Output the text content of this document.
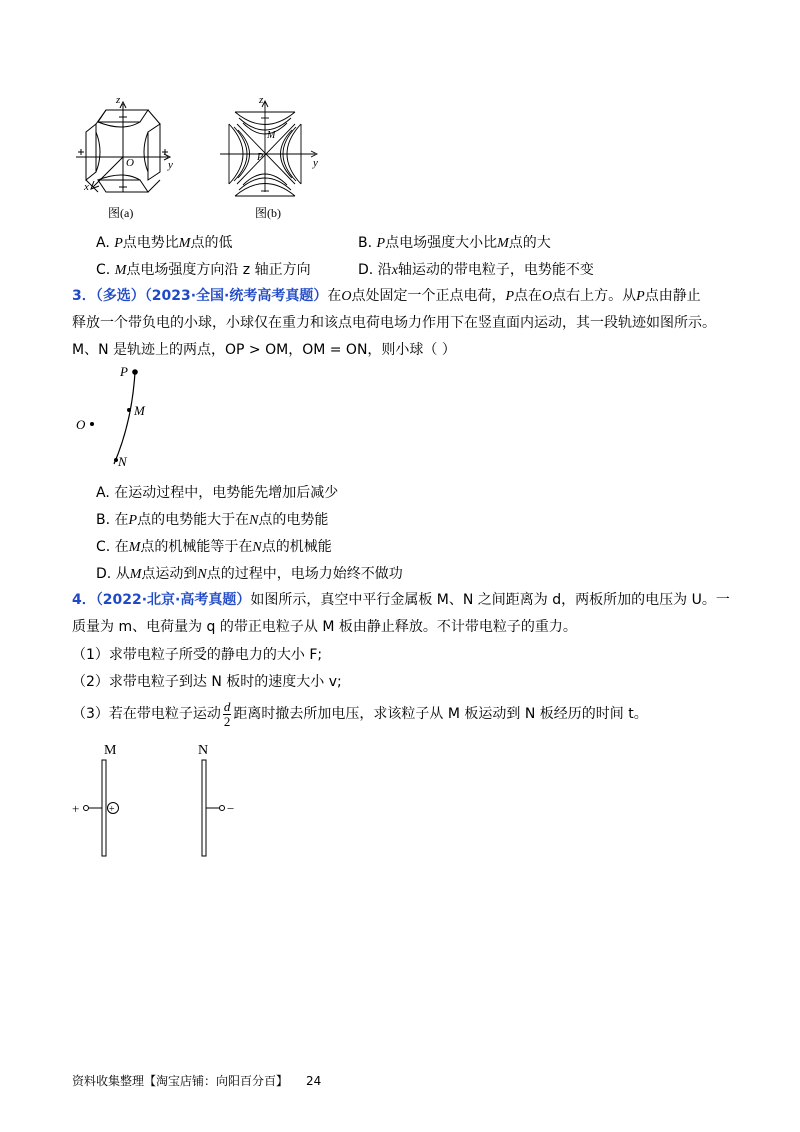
z
y
x
O
图(a)
z
y
P
M
图(b)
A. P点电势比M点的低	B. P点电场强度大小比M点的大
C. M点电场强度方向沿 z 轴正方向	D. 沿x轴运动的带电粒子，电势能不变
3．（多选）（2023·全国·统考高考真题）在O点处固定一个正点电荷，P点在O点右上方。从P点由静止
释放一个带负电的小球，小球仅在重力和该点电荷电场力作用下在竖直面内运动，其一段轨迹如图所示。
M、N 是轨迹上的两点，OP > OM，OM = ON，则小球（ ）
P
M
N
O
A. 在运动过程中，电势能先增加后减少
B. 在P点的电势能大于在N点的电势能
C. 在M点的机械能等于在N点的机械能
D. 从M点运动到N点的过程中，电场力始终不做功
4．（2022·北京·高考真题）如图所示，真空中平行金属板 M、N 之间距离为 d，两板所加的电压为 U。一
质量为 m、电荷量为 q 的带正电粒子从 M 板由静止释放。不计带电粒子的重力。
（1）求带电粒子所受的静电力的大小 F;
（2）求带电粒子到达 N 板时的速度大小 v;
（3）若在带电粒子运动 $\frac{d}{2}$ 距离时撤去所加电压，求该粒子从 M 板运动到 N 板经历的时间 t。
M	N
+	−
+
资料收集整理【淘宝店铺：向阳百分百】 24
